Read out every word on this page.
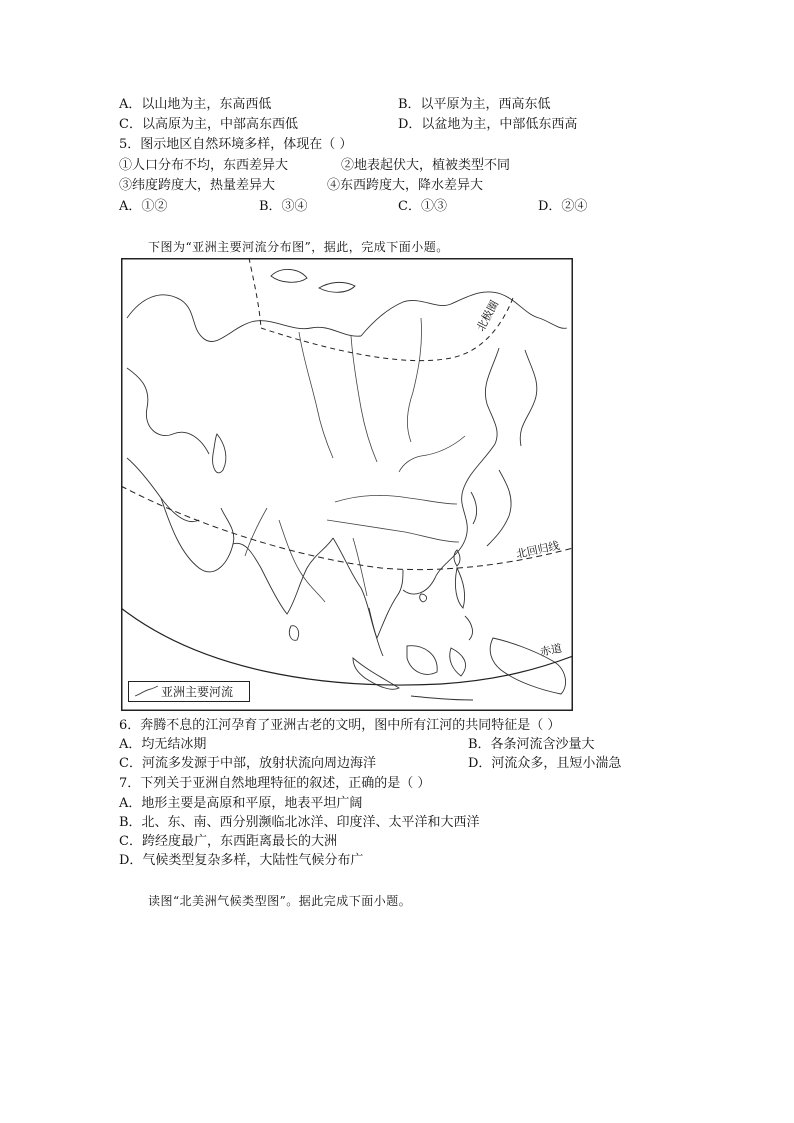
A．以山地为主，东高西低	B．以平原为主，西高东低
C．以高原为主，中部高东西低	D．以盆地为主，中部低东西高
5．图示地区自然环境多样，体现在（ ）
①人口分布不均，东西差异大	②地表起伏大，植被类型不同
③纬度跨度大，热量差异大	④东西跨度大，降水差异大
A．①②	B．③④	C．①③	D．②④
下图为“亚洲主要河流分布图”，据此，完成下面小题。
北极圈
北回归线
赤道
亚洲主要河流
6．奔腾不息的江河孕育了亚洲古老的文明，图中所有江河的共同特征是（ ）
A．均无结冰期	B．各条河流含沙量大
C．河流多发源于中部，放射状流向周边海洋	D．河流众多，且短小湍急
7．下列关于亚洲自然地理特征的叙述，正确的是（ ）
A．地形主要是高原和平原，地表平坦广阔
B．北、东、南、西分别濒临北冰洋、印度洋、太平洋和大西洋
C．跨经度最广，东西距离最长的大洲
D．气候类型复杂多样，大陆性气候分布广
读图“北美洲气候类型图”。据此完成下面小题。
